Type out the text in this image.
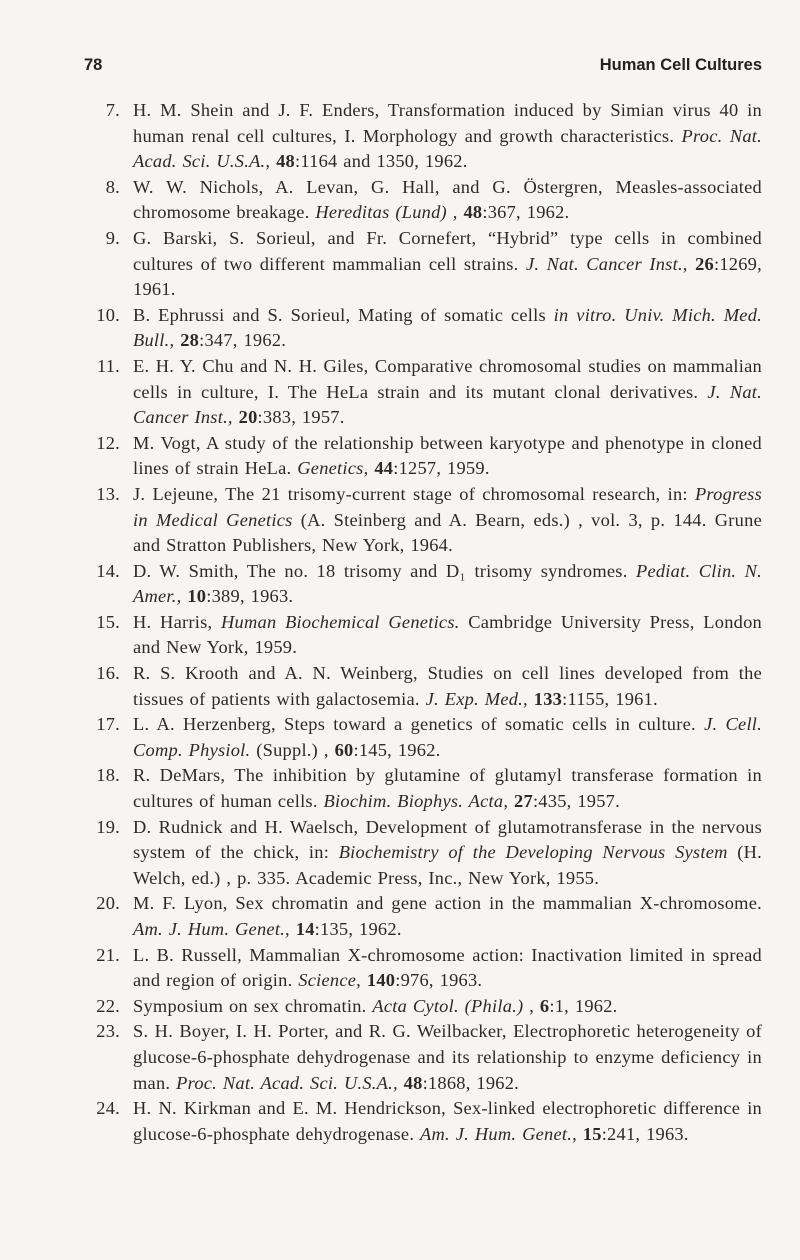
78	Human Cell Cultures
7. H. M. Shein and J. F. Enders, Transformation induced by Simian virus 40 in human renal cell cultures, I. Morphology and growth characteristics. Proc. Nat. Acad. Sci. U.S.A., 48:1164 and 1350, 1962.
8. W. W. Nichols, A. Levan, G. Hall, and G. Östergren, Measles-associated chromosome breakage. Hereditas (Lund) , 48:367, 1962.
9. G. Barski, S. Sorieul, and Fr. Cornefert, “Hybrid” type cells in combined cultures of two different mammalian cell strains. J. Nat. Cancer Inst., 26:1269, 1961.
10. B. Ephrussi and S. Sorieul, Mating of somatic cells in vitro. Univ. Mich. Med. Bull., 28:347, 1962.
11. E. H. Y. Chu and N. H. Giles, Comparative chromosomal studies on mammalian cells in culture, I. The HeLa strain and its mutant clonal derivatives. J. Nat. Cancer Inst., 20:383, 1957.
12. M. Vogt, A study of the relationship between karyotype and phenotype in cloned lines of strain HeLa. Genetics, 44:1257, 1959.
13. J. Lejeune, The 21 trisomy-current stage of chromosomal research, in: Progress in Medical Genetics (A. Steinberg and A. Bearn, eds.) , vol. 3, p. 144. Grune and Stratton Publishers, New York, 1964.
14. D. W. Smith, The no. 18 trisomy and D₁ trisomy syndromes. Pediat. Clin. N. Amer., 10:389, 1963.
15. H. Harris, Human Biochemical Genetics. Cambridge University Press, London and New York, 1959.
16. R. S. Krooth and A. N. Weinberg, Studies on cell lines developed from the tissues of patients with galactosemia. J. Exp. Med., 133:1155, 1961.
17. L. A. Herzenberg, Steps toward a genetics of somatic cells in culture. J. Cell. Comp. Physiol. (Suppl.) , 60:145, 1962.
18. R. DeMars, The inhibition by glutamine of glutamyl transferase formation in cultures of human cells. Biochim. Biophys. Acta, 27:435, 1957.
19. D. Rudnick and H. Waelsch, Development of glutamotransferase in the nervous system of the chick, in: Biochemistry of the Developing Nervous System (H. Welch, ed.) , p. 335. Academic Press, Inc., New York, 1955.
20. M. F. Lyon, Sex chromatin and gene action in the mammalian X-chromosome. Am. J. Hum. Genet., 14:135, 1962.
21. L. B. Russell, Mammalian X-chromosome action: Inactivation limited in spread and region of origin. Science, 140:976, 1963.
22. Symposium on sex chromatin. Acta Cytol. (Phila.) , 6:1, 1962.
23. S. H. Boyer, I. H. Porter, and R. G. Weilbacker, Electrophoretic heterogeneity of glucose-6-phosphate dehydrogenase and its relationship to enzyme deficiency in man. Proc. Nat. Acad. Sci. U.S.A., 48:1868, 1962.
24. H. N. Kirkman and E. M. Hendrickson, Sex-linked electrophoretic difference in glucose-6-phosphate dehydrogenase. Am. J. Hum. Genet., 15:241, 1963.
